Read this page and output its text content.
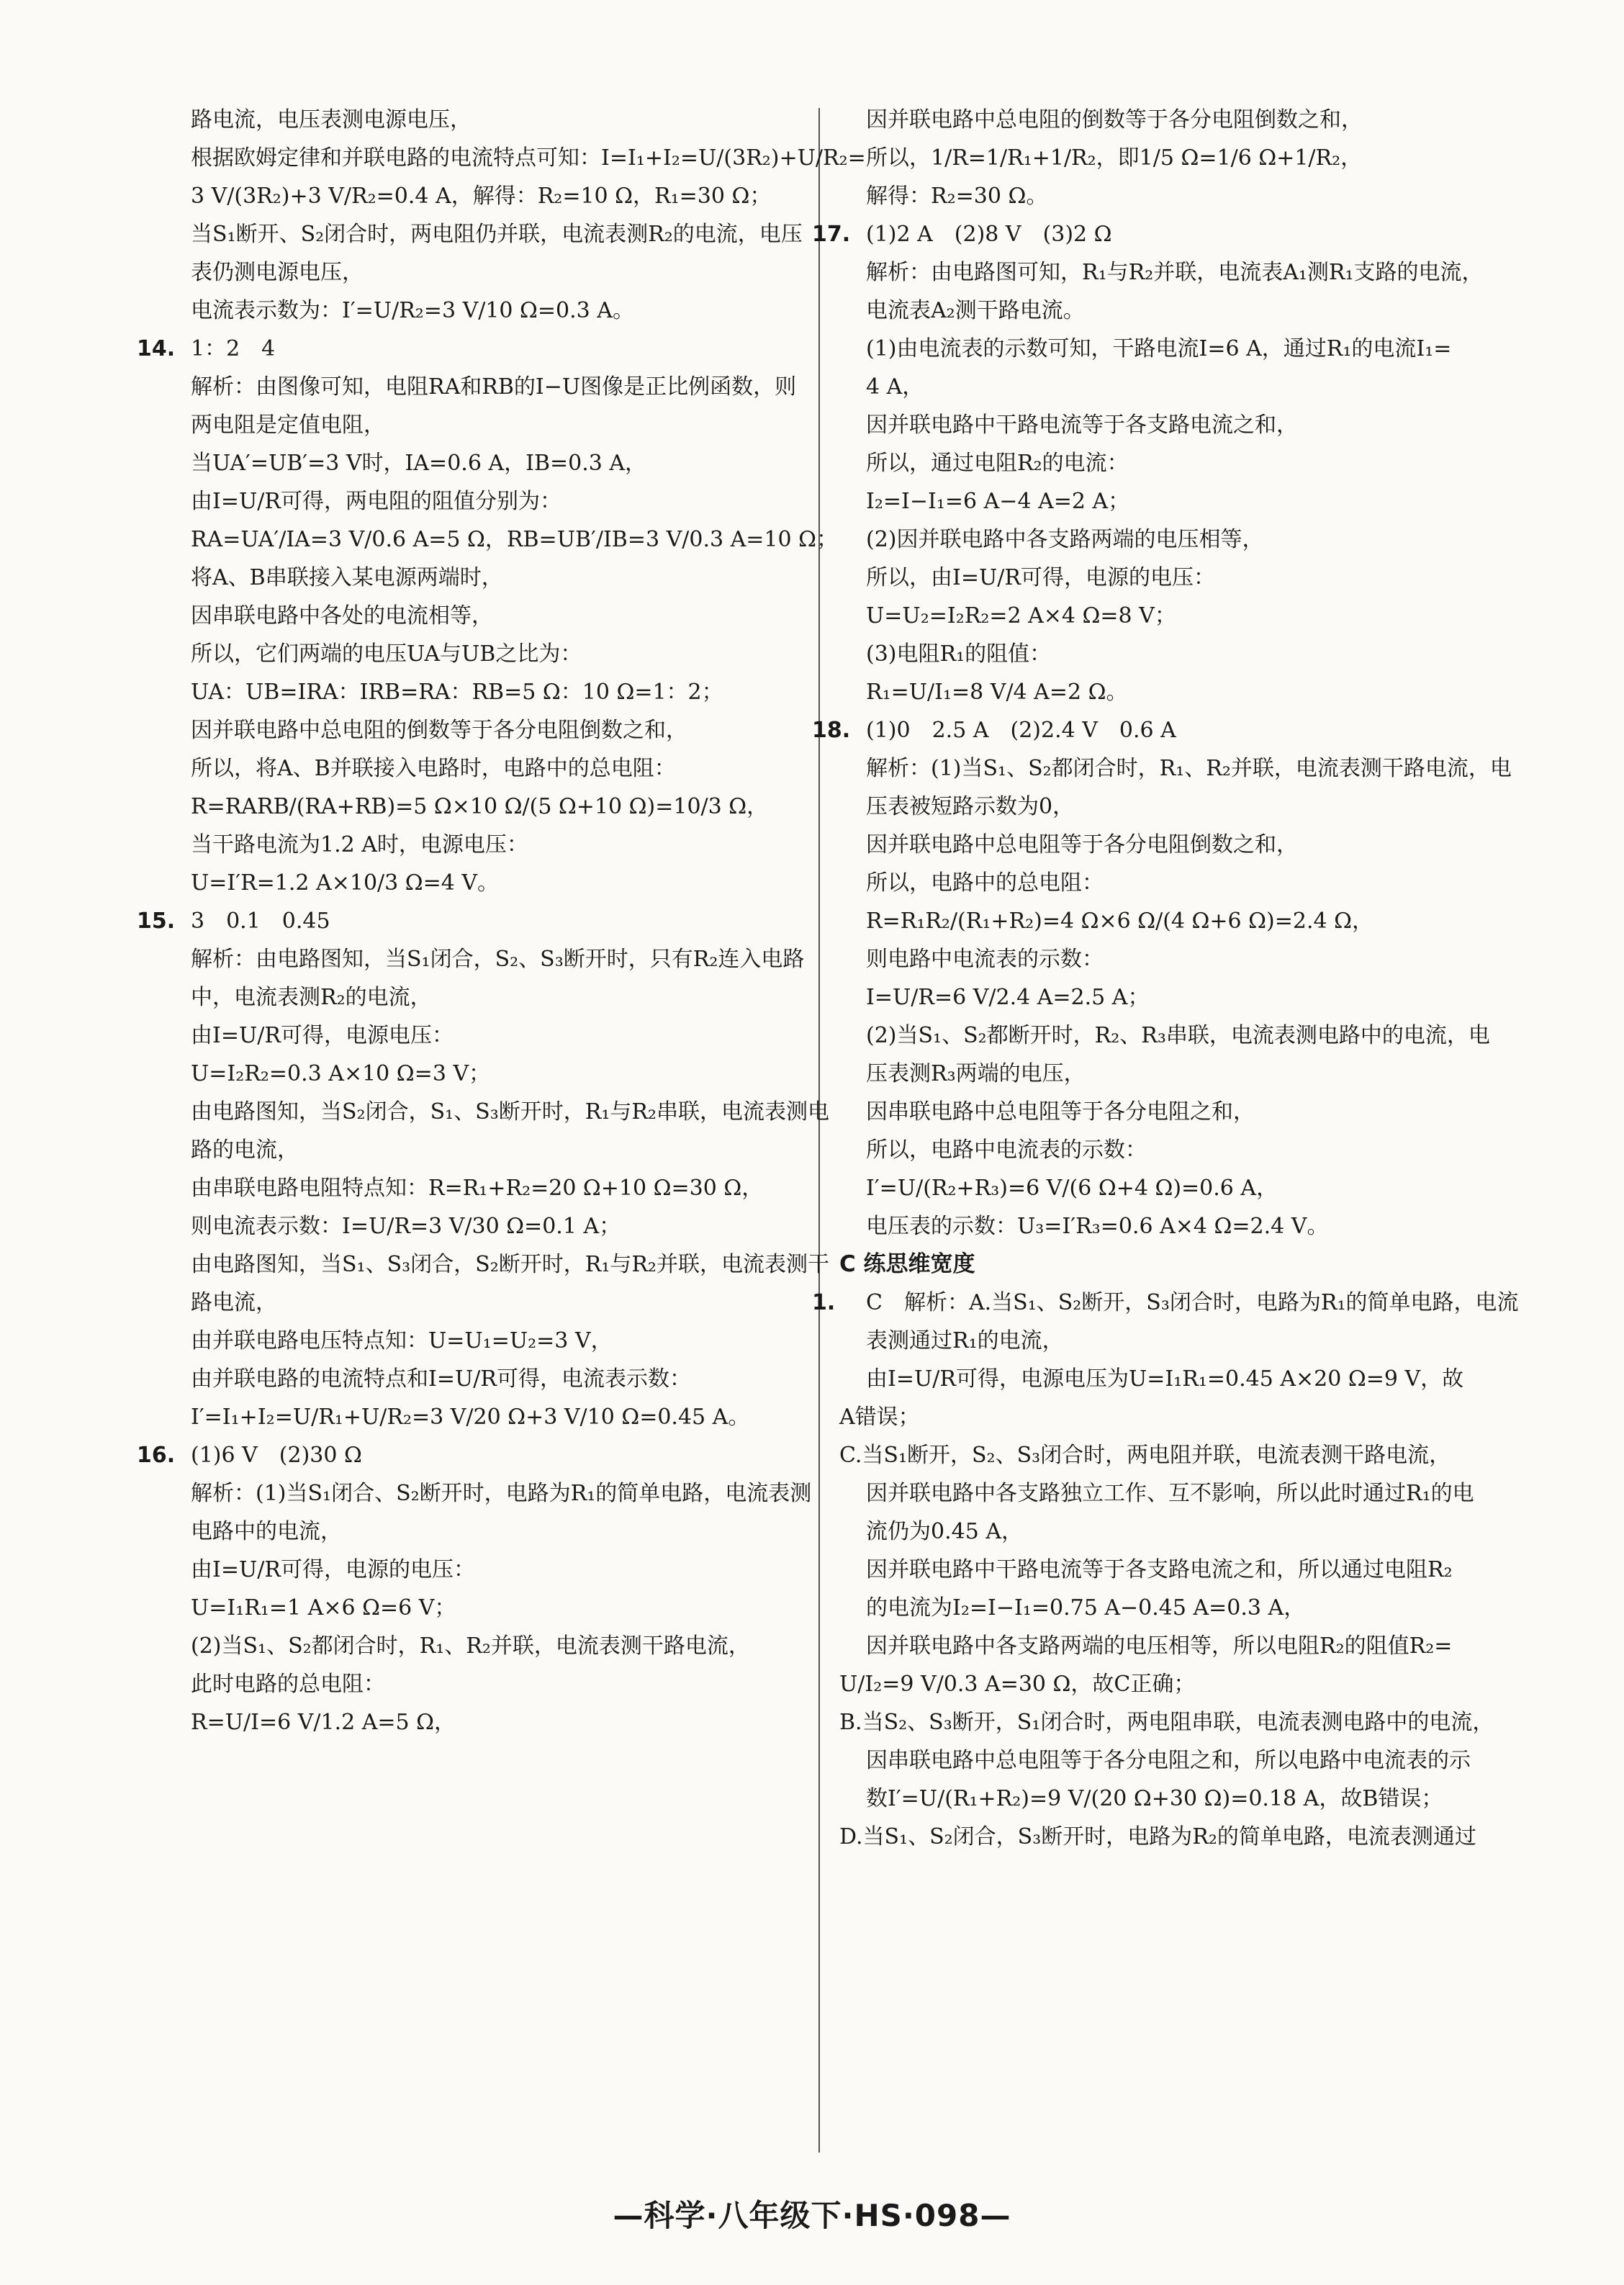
路电流，电压表测电源电压，
根据欧姆定律和并联电路的电流特点可知：I=I₁+I₂=U/(3R₂)+U/R₂=
3 V/(3R₂)+3 V/R₂=0.4 A，解得：R₂=10 Ω，R₁=30 Ω；
当S₁断开、S₂闭合时，两电阻仍并联，电流表测R₂的电流，电压
表仍测电源电压，
电流表示数为：I′=U/R₂=3 V/10 Ω=0.3 A。
14. 1：2　4
解析：由图像可知，电阻RA和RB的I−U图像是正比例函数，则
两电阻是定值电阻，
当UA′=UB′=3 V时，IA=0.6 A，IB=0.3 A，
由I=U/R可得，两电阻的阻值分别为：
RA=UA′/IA=3 V/0.6 A=5 Ω，RB=UB′/IB=3 V/0.3 A=10 Ω；
将A、B串联接入某电源两端时，
因串联电路中各处的电流相等，
所以，它们两端的电压UA与UB之比为：
UA：UB=IRA：IRB=RA：RB=5 Ω：10 Ω=1：2；
因并联电路中总电阻的倒数等于各分电阻倒数之和，
所以，将A、B并联接入电路时，电路中的总电阻：
R=RARB/(RA+RB)=5 Ω×10 Ω/(5 Ω+10 Ω)=10/3 Ω，
当干路电流为1.2 A时，电源电压：
U=I′R=1.2 A×10/3 Ω=4 V。
15. 3　0.1　0.45
解析：由电路图知，当S₁闭合，S₂、S₃断开时，只有R₂连入电路
中，电流表测R₂的电流，
由I=U/R可得，电源电压：
U=I₂R₂=0.3 A×10 Ω=3 V；
由电路图知，当S₂闭合，S₁、S₃断开时，R₁与R₂串联，电流表测电
路的电流，
由串联电路电阻特点知：R=R₁+R₂=20 Ω+10 Ω=30 Ω，
则电流表示数：I=U/R=3 V/30 Ω=0.1 A；
由电路图知，当S₁、S₃闭合，S₂断开时，R₁与R₂并联，电流表测干
路电流，
由并联电路电压特点知：U=U₁=U₂=3 V，
由并联电路的电流特点和I=U/R可得，电流表示数：
I′=I₁+I₂=U/R₁+U/R₂=3 V/20 Ω+3 V/10 Ω=0.45 A。
16. (1)6 V　(2)30 Ω
解析：(1)当S₁闭合、S₂断开时，电路为R₁的简单电路，电流表测
电路中的电流，
由I=U/R可得，电源的电压：
U=I₁R₁=1 A×6 Ω=6 V；
(2)当S₁、S₂都闭合时，R₁、R₂并联，电流表测干路电流，
此时电路的总电阻：
R=U/I=6 V/1.2 A=5 Ω，
因并联电路中总电阻的倒数等于各分电阻倒数之和，
所以，1/R=1/R₁+1/R₂，即1/5 Ω=1/6 Ω+1/R₂，
解得：R₂=30 Ω。
17. (1)2 A　(2)8 V　(3)2 Ω
解析：由电路图可知，R₁与R₂并联，电流表A₁测R₁支路的电流，
电流表A₂测干路电流。
(1)由电流表的示数可知，干路电流I=6 A，通过R₁的电流I₁=
4 A，
因并联电路中干路电流等于各支路电流之和，
所以，通过电阻R₂的电流：
I₂=I−I₁=6 A−4 A=2 A；
(2)因并联电路中各支路两端的电压相等，
所以，由I=U/R可得，电源的电压：
U=U₂=I₂R₂=2 A×4 Ω=8 V；
(3)电阻R₁的阻值：
R₁=U/I₁=8 V/4 A=2 Ω。
18. (1)0　2.5 A　(2)2.4 V　0.6 A
解析：(1)当S₁、S₂都闭合时，R₁、R₂并联，电流表测干路电流，电
压表被短路示数为0，
因并联电路中总电阻等于各分电阻倒数之和，
所以，电路中的总电阻：
R=R₁R₂/(R₁+R₂)=4 Ω×6 Ω/(4 Ω+6 Ω)=2.4 Ω，
则电路中电流表的示数：
I=U/R=6 V/2.4 A=2.5 A；
(2)当S₁、S₂都断开时，R₂、R₃串联，电流表测电路中的电流，电
压表测R₃两端的电压，
因串联电路中总电阻等于各分电阻之和，
所以，电路中电流表的示数：
I′=U/(R₂+R₃)=6 V/(6 Ω+4 Ω)=0.6 A，
电压表的示数：U₃=I′R₃=0.6 A×4 Ω=2.4 V。
C 练思维宽度
1. C　解析：A.当S₁、S₂断开，S₃闭合时，电路为R₁的简单电路，电流
表测通过R₁的电流，
由I=U/R可得，电源电压为U=I₁R₁=0.45 A×20 Ω=9 V，故
A错误；
C.当S₁断开，S₂、S₃闭合时，两电阻并联，电流表测干路电流，
因并联电路中各支路独立工作、互不影响，所以此时通过R₁的电
流仍为0.45 A，
因并联电路中干路电流等于各支路电流之和，所以通过电阻R₂
的电流为I₂=I−I₁=0.75 A−0.45 A=0.3 A，
因并联电路中各支路两端的电压相等，所以电阻R₂的阻值R₂=
U/I₂=9 V/0.3 A=30 Ω，故C正确；
B.当S₂、S₃断开，S₁闭合时，两电阻串联，电流表测电路中的电流，
因串联电路中总电阻等于各分电阻之和，所以电路中电流表的示
数I′=U/(R₁+R₂)=9 V/(20 Ω+30 Ω)=0.18 A，故B错误；
D.当S₁、S₂闭合，S₃断开时，电路为R₂的简单电路，电流表测通过
—科学·八年级下·HS·098—
